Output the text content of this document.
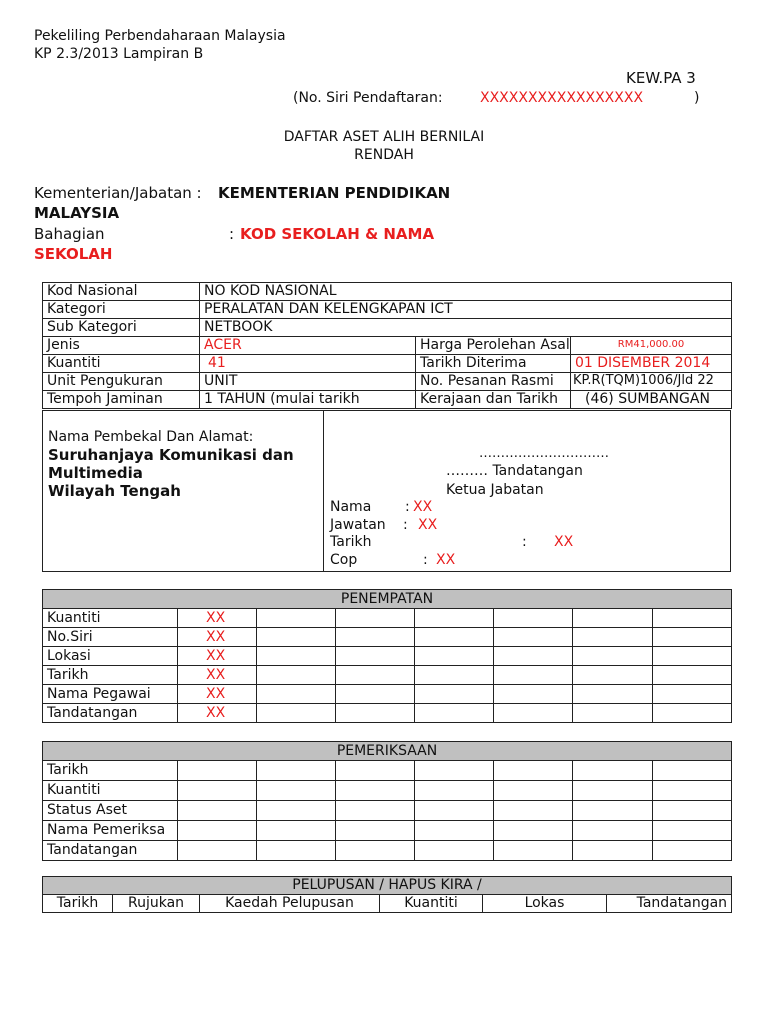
Pekeliling Perbendaharaan Malaysia
KP 2.3/2013 Lampiran B
KEW.PA 3
(No. Siri Pendaftaran:	XXXXXXXXXXXXXXXXX	)
DAFTAR ASET ALIH BERNILAI
RENDAH
Kementerian/Jabatan : KEMENTERIAN PENDIDIKAN
MALAYSIA
Bahagian	: KOD SEKOLAH & NAMA
SEKOLAH
Kod Nasional	NO KOD NASIONAL		
Kategori	PERALATAN DAN KELENGKAPAN ICT		
Sub Kategori	NETBOOK		
Jenis	ACER	Harga Perolehan Asal	RM41,000.00
Kuantiti	41	Tarikh Diterima	01 DISEMBER 2014
Unit Pengukuran	UNIT	No. Pesanan Rasmi	KP.R(TQM)1006/Jld 22
Tempoh Jaminan	1 TAHUN (mulai tarikh	Kerajaan dan Tarikh	(46) SUMBANGAN
Nama Pembekal Dan Alamat:
Suruhanjaya Komunikasi dan
Multimedia
Wilayah Tengah
…………………………
……… Tandatangan
Ketua Jabatan
Nama : XX
Jawatan : XX
Tarikh	: XX
Cop	: XX
PENEMPATAN							
Kuantiti	XX						
No.Siri	XX						
Lokasi	XX						
Tarikh	XX						
Nama Pegawai	XX						
Tandatangan	XX						
PEMERIKSAAN							
Tarikh							
Kuantiti							
Status Aset							
Nama Pemeriksa							
Tandatangan							
PELUPUSAN / HAPUS KIRA /
Tarikh	Rujukan	Kaedah Pelupusan	Kuantiti	Lokas	Tandatangan
